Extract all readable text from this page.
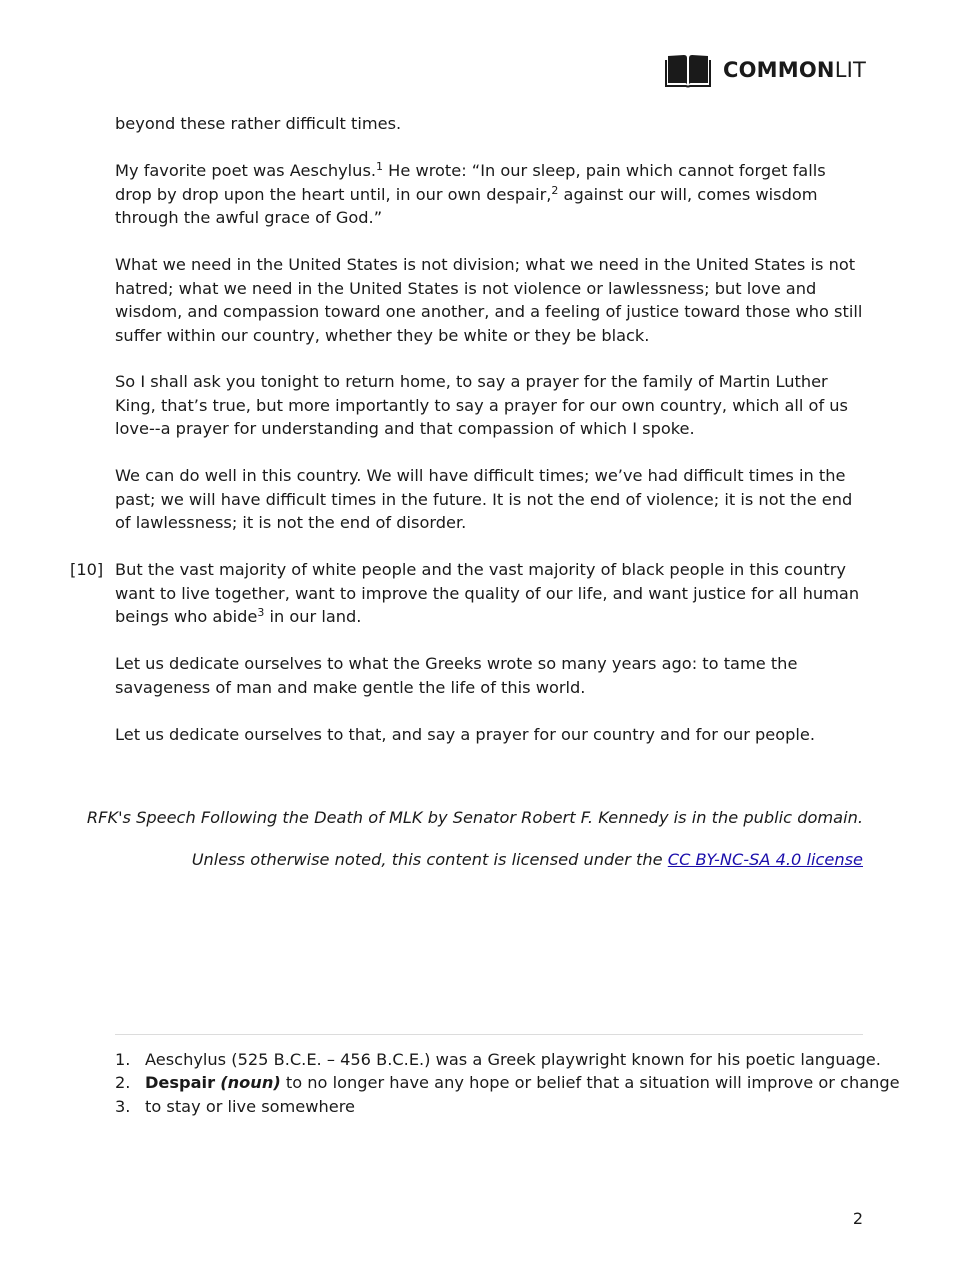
COMMONLIT

beyond these rather difficult times.

My favorite poet was Aeschylus.$^1$ He wrote: “In our sleep, pain which cannot forget falls drop by drop upon the heart until, in our own despair,$^2$ against our will, comes wisdom through the awful grace of God.”

What we need in the United States is not division; what we need in the United States is not hatred; what we need in the United States is not violence or lawlessness; but love and wisdom, and compassion toward one another, and a feeling of justice toward those who still suffer within our country, whether they be white or they be black.

So I shall ask you tonight to return home, to say a prayer for the family of Martin Luther King, that’s true, but more importantly to say a prayer for our own country, which all of us love--a prayer for understanding and that compassion of which I spoke.

We can do well in this country. We will have difficult times; we’ve had difficult times in the past; we will have difficult times in the future. It is not the end of violence; it is not the end of lawlessness; it is not the end of disorder.

[10] But the vast majority of white people and the vast majority of black people in this country want to live together, want to improve the quality of our life, and want justice for all human beings who abide$^3$ in our land.

Let us dedicate ourselves to what the Greeks wrote so many years ago: to tame the savageness of man and make gentle the life of this world.

Let us dedicate ourselves to that, and say a prayer for our country and for our people.

RFK's Speech Following the Death of MLK by Senator Robert F. Kennedy is in the public domain.
Unless otherwise noted, this content is licensed under the CC BY-NC-SA 4.0 license
1. Aeschylus (525 B.C.E. – 456 B.C.E.) was a Greek playwright known for his poetic language.
2. Despair (noun) to no longer have any hope or belief that a situation will improve or change
3. to stay or live somewhere
2
